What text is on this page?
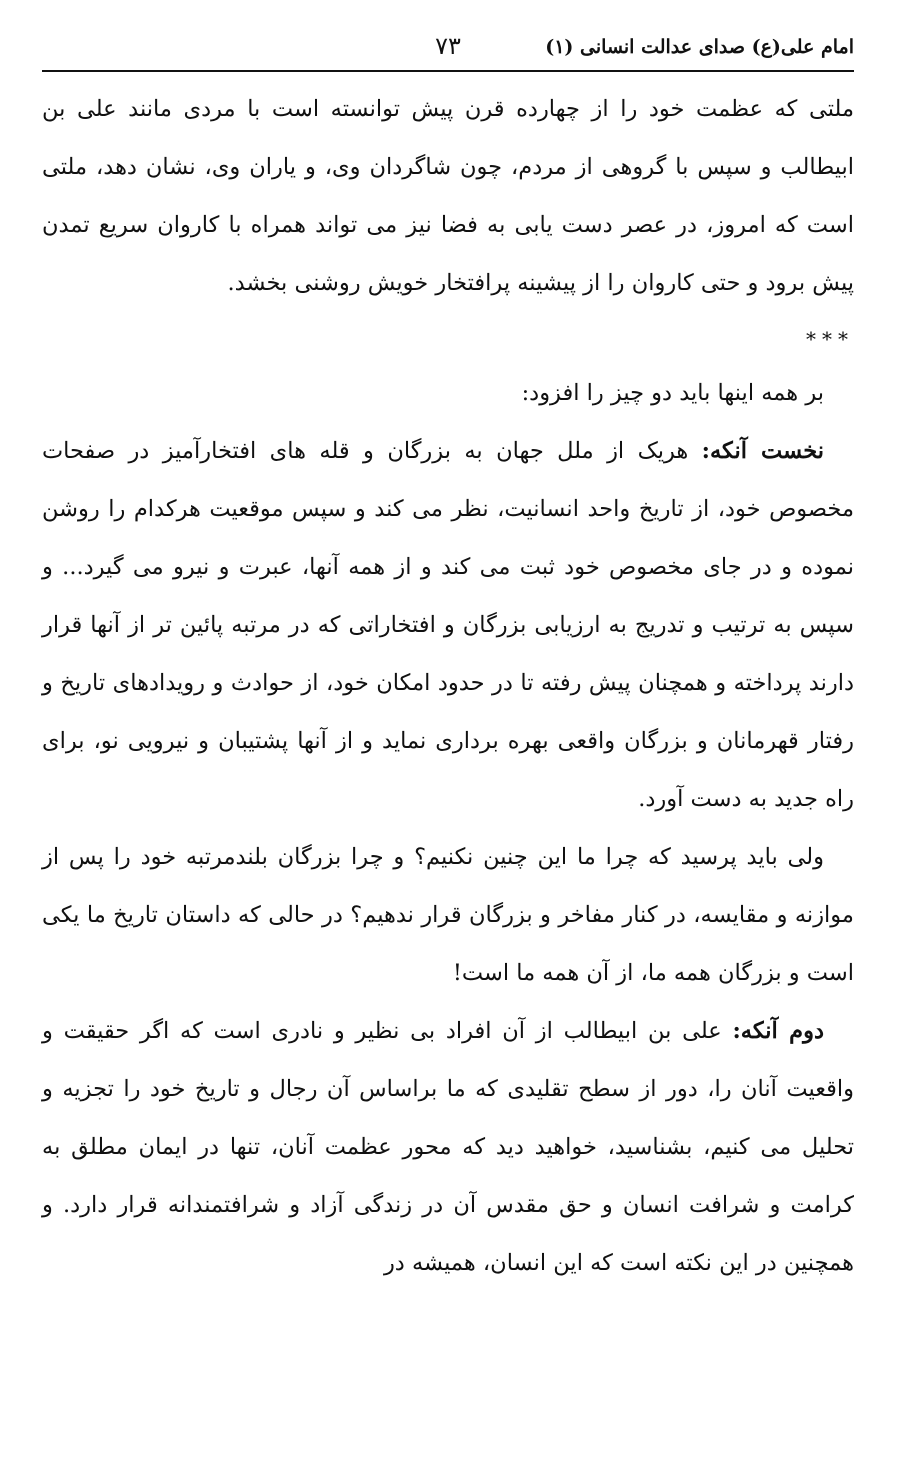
امام علی(ع) صدای عدالت انسانی (۱)
۷۳

ملتی که عظمت خود را از چهارده قرن پیش توانسته است با مردی مانند علی بن ابیطالب و سپس با گروهی از مردم، چون شاگردان وی، و یاران وی، نشان دهد، ملتی است که امروز، در عصر دست یابی به فضا نیز می تواند همراه با کاروان سریع تمدن پیش برود و حتی کاروان را از پیشینه پرافتخار خویش روشنی بخشد.

***

بر همه اینها باید دو چیز را افزود:

نخست آنکه: هریک از ملل جهان به بزرگان و قله های افتخارآمیز در صفحات مخصوص خود، از تاریخ واحد انسانیت، نظر می کند و سپس موقعیت هرکدام را روشن نموده و در جای مخصوص خود ثبت می کند و از همه آنها، عبرت و نیرو می گیرد... و سپس به ترتیب و تدریج به ارزیابی بزرگان و افتخاراتی که در مرتبه پائین تر از آنها قرار دارند پرداخته و همچنان پیش رفته تا در حدود امکان خود، از حوادث و رویدادهای تاریخ و رفتار قهرمانان و بزرگان واقعی بهره برداری نماید و از آنها پشتیبان و نیرویی نو، برای راه جدید به دست آورد.

ولی باید پرسید که چرا ما این چنین نکنیم؟ و چرا بزرگان بلندمرتبه خود را پس از موازنه و مقایسه، در کنار مفاخر و بزرگان قرار ندهیم؟ در حالی که داستان تاریخ ما یکی است و بزرگان همه ما، از آن همه ما است!

دوم آنکه: علی بن ابیطالب از آن افراد بی نظیر و نادری است که اگر حقیقت و واقعیت آنان را، دور از سطح تقلیدی که ما براساس آن رجال و تاریخ خود را تجزیه و تحلیل می کنیم، بشناسید، خواهید دید که محور عظمت آنان، تنها در ایمان مطلق به کرامت و شرافت انسان و حق مقدس آن در زندگی آزاد و شرافتمندانه قرار دارد. و همچنین در این نکته است که این انسان، همیشه در
